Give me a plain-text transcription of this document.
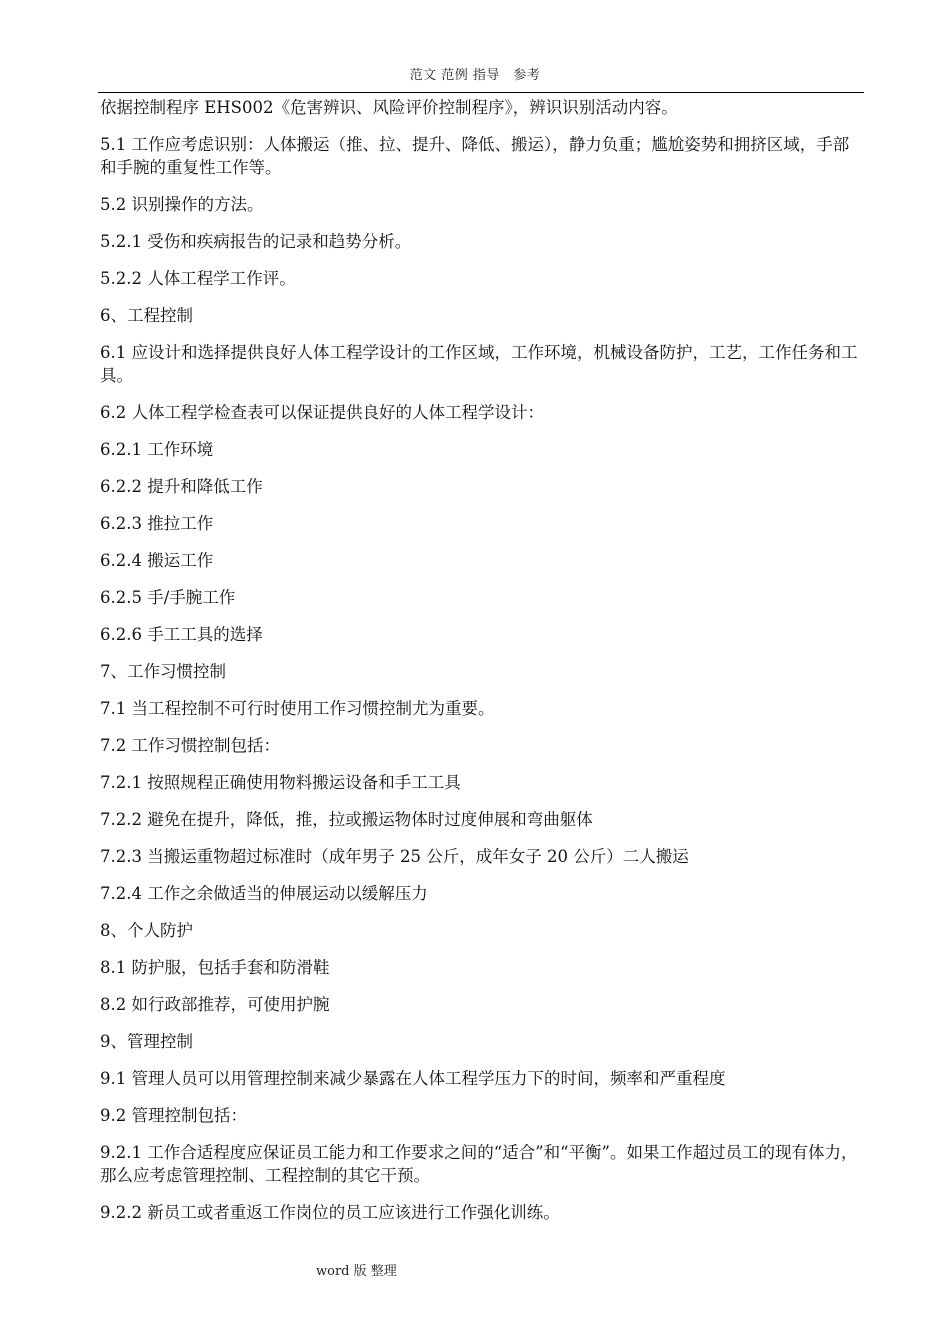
范文 范例 指导　参考

依据控制程序 EHS002《危害辨识、风险评价控制程序》，辨识识别活动内容。

5.1 工作应考虑识别：人体搬运（推、拉、提升、降低、搬运），静力负重；尴尬姿势和拥挤区域，手部和手腕的重复性工作等。

5.2 识别操作的方法。

5.2.1 受伤和疾病报告的记录和趋势分析。

5.2.2 人体工程学工作评。

6、工程控制

6.1 应设计和选择提供良好人体工程学设计的工作区域，工作环境，机械设备防护，工艺，工作任务和工具。

6.2 人体工程学检查表可以保证提供良好的人体工程学设计：

6.2.1 工作环境

6.2.2 提升和降低工作

6.2.3 推拉工作

6.2.4 搬运工作

6.2.5 手/手腕工作

6.2.6 手工工具的选择

7、工作习惯控制

7.1 当工程控制不可行时使用工作习惯控制尤为重要。

7.2 工作习惯控制包括：

7.2.1 按照规程正确使用物料搬运设备和手工工具

7.2.2 避免在提升，降低，推，拉或搬运物体时过度伸展和弯曲躯体

7.2.3 当搬运重物超过标准时（成年男子 25 公斤，成年女子 20 公斤）二人搬运

7.2.4 工作之余做适当的伸展运动以缓解压力

8、个人防护

8.1 防护服，包括手套和防滑鞋

8.2 如行政部推荐，可使用护腕

9、管理控制

9.1 管理人员可以用管理控制来减少暴露在人体工程学压力下的时间，频率和严重程度

9.2 管理控制包括：

9.2.1 工作合适程度应保证员工能力和工作要求之间的“适合”和“平衡”。如果工作超过员工的现有体力，那么应考虑管理控制、工程控制的其它干预。

9.2.2 新员工或者重返工作岗位的员工应该进行工作强化训练。

word 版 整理
